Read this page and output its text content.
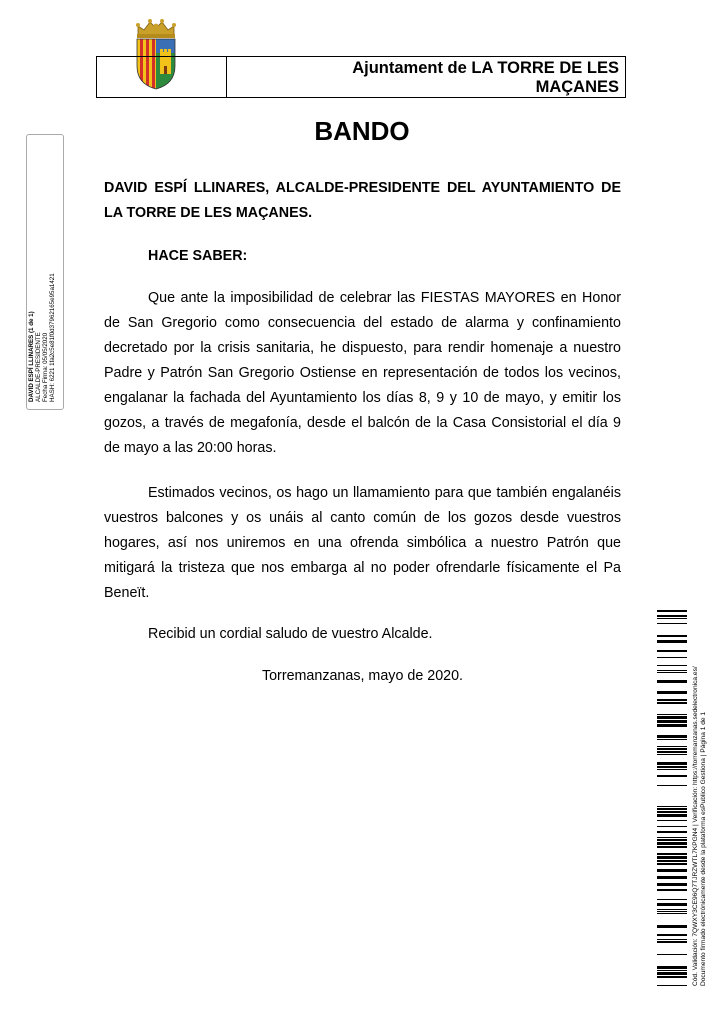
Ajuntament de LA TORRE DE LES
MAÇANES
BANDO
DAVID ESPÍ LLINARES, ALCALDE-PRESIDENTE DEL AYUNTAMIENTO DE
LA TORRE DE LES MAÇANES.
HACE SABER:
Que ante la imposibilidad de celebrar las FIESTAS MAYORES en Honor de San Gregorio como consecuencia del estado de alarma y confinamiento decretado por la crisis sanitaria, he dispuesto, para rendir homenaje a nuestro Padre y Patrón San Gregorio Ostiense en representación de todos los vecinos, engalanar la fachada del Ayuntamiento los días 8, 9 y 10 de mayo, y emitir los gozos, a través de megafonía, desde el balcón de la Casa Consistorial el día 9 de mayo a las 20:00 horas.
Estimados vecinos, os hago un llamamiento para que también engalanéis vuestros balcones y os unáis al canto común de los gozos desde vuestros hogares, así nos uniremos en una ofrenda simbólica a nuestro Patrón que mitigará la tristeza que nos embarga al no poder ofrendarle físicamente el Pa Beneït.
Recibid un cordial saludo de vuestro Alcalde.
Torremanzanas, mayo de 2020.
DAVID ESPÍ LLINARES (1 de 1) ALCALDE-PRESIDENTE Fecha Firma: 05/05/2020 HASH: 6221 1fa2c5e81f0d37962165e95a1421
Cód. Validación: 7QWXY3CE96Q7TJRZWTL7KPGN4 | Verificación: https://torremanzanas.sedelectronica.es/ Documento firmado electrónicamente desde la plataforma esPublico Gestiona | Página 1 de 1
